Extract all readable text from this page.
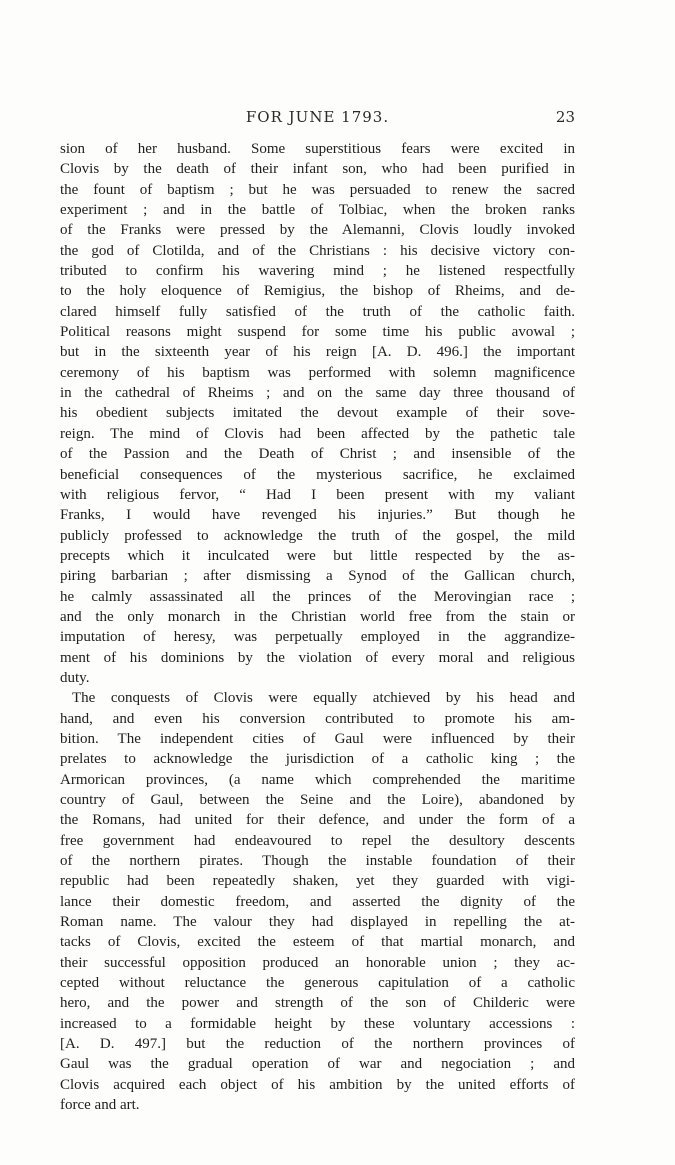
FOR JUNE 1793.	23
sion of her husband. Some superstitious fears were excited in
Clovis by the death of their infant son, who had been purified in
the fount of baptism ; but he was persuaded to renew the sacred
experiment ; and in the battle of Tolbiac, when the broken ranks
of the Franks were pressed by the Alemanni, Clovis loudly invoked
the god of Clotilda, and of the Christians : his decisive victory con-
tributed to confirm his wavering mind ; he listened respectfully
to the holy eloquence of Remigius, the bishop of Rheims, and de-
clared himself fully satisfied of the truth of the catholic faith.
Political reasons might suspend for some time his public avowal ;
but in the sixteenth year of his reign [A. D. 496.] the important
ceremony of his baptism was performed with solemn magnificence
in the cathedral of Rheims ; and on the same day three thousand of
his obedient subjects imitated the devout example of their sove-
reign. The mind of Clovis had been affected by the pathetic tale
of the Passion and the Death of Christ ; and insensible of the
beneficial consequences of the mysterious sacrifice, he exclaimed
with religious fervor, “ Had I been present with my valiant
Franks, I would have revenged his injuries.” But though he
publicly professed to acknowledge the truth of the gospel, the mild
precepts which it inculcated were but little respected by the as-
piring barbarian ; after dismissing a Synod of the Gallican church,
he calmly assassinated all the princes of the Merovingian race ;
and the only monarch in the Christian world free from the stain or
imputation of heresy, was perpetually employed in the aggrandize-
ment of his dominions by the violation of every moral and religious
duty.
The conquests of Clovis were equally atchieved by his head and
hand, and even his conversion contributed to promote his am-
bition. The independent cities of Gaul were influenced by their
prelates to acknowledge the jurisdiction of a catholic king ; the
Armorican provinces, (a name which comprehended the maritime
country of Gaul, between the Seine and the Loire), abandoned by
the Romans, had united for their defence, and under the form of a
free government had endeavoured to repel the desultory descents
of the northern pirates. Though the instable foundation of their
republic had been repeatedly shaken, yet they guarded with vigi-
lance their domestic freedom, and asserted the dignity of the
Roman name. The valour they had displayed in repelling the at-
tacks of Clovis, excited the esteem of that martial monarch, and
their successful opposition produced an honorable union ; they ac-
cepted without reluctance the generous capitulation of a catholic
hero, and the power and strength of the son of Childeric were
increased to a formidable height by these voluntary accessions :
[A. D. 497.] but the reduction of the northern provinces of
Gaul was the gradual operation of war and negociation ; and
Clovis acquired each object of his ambition by the united efforts of
force and art.
